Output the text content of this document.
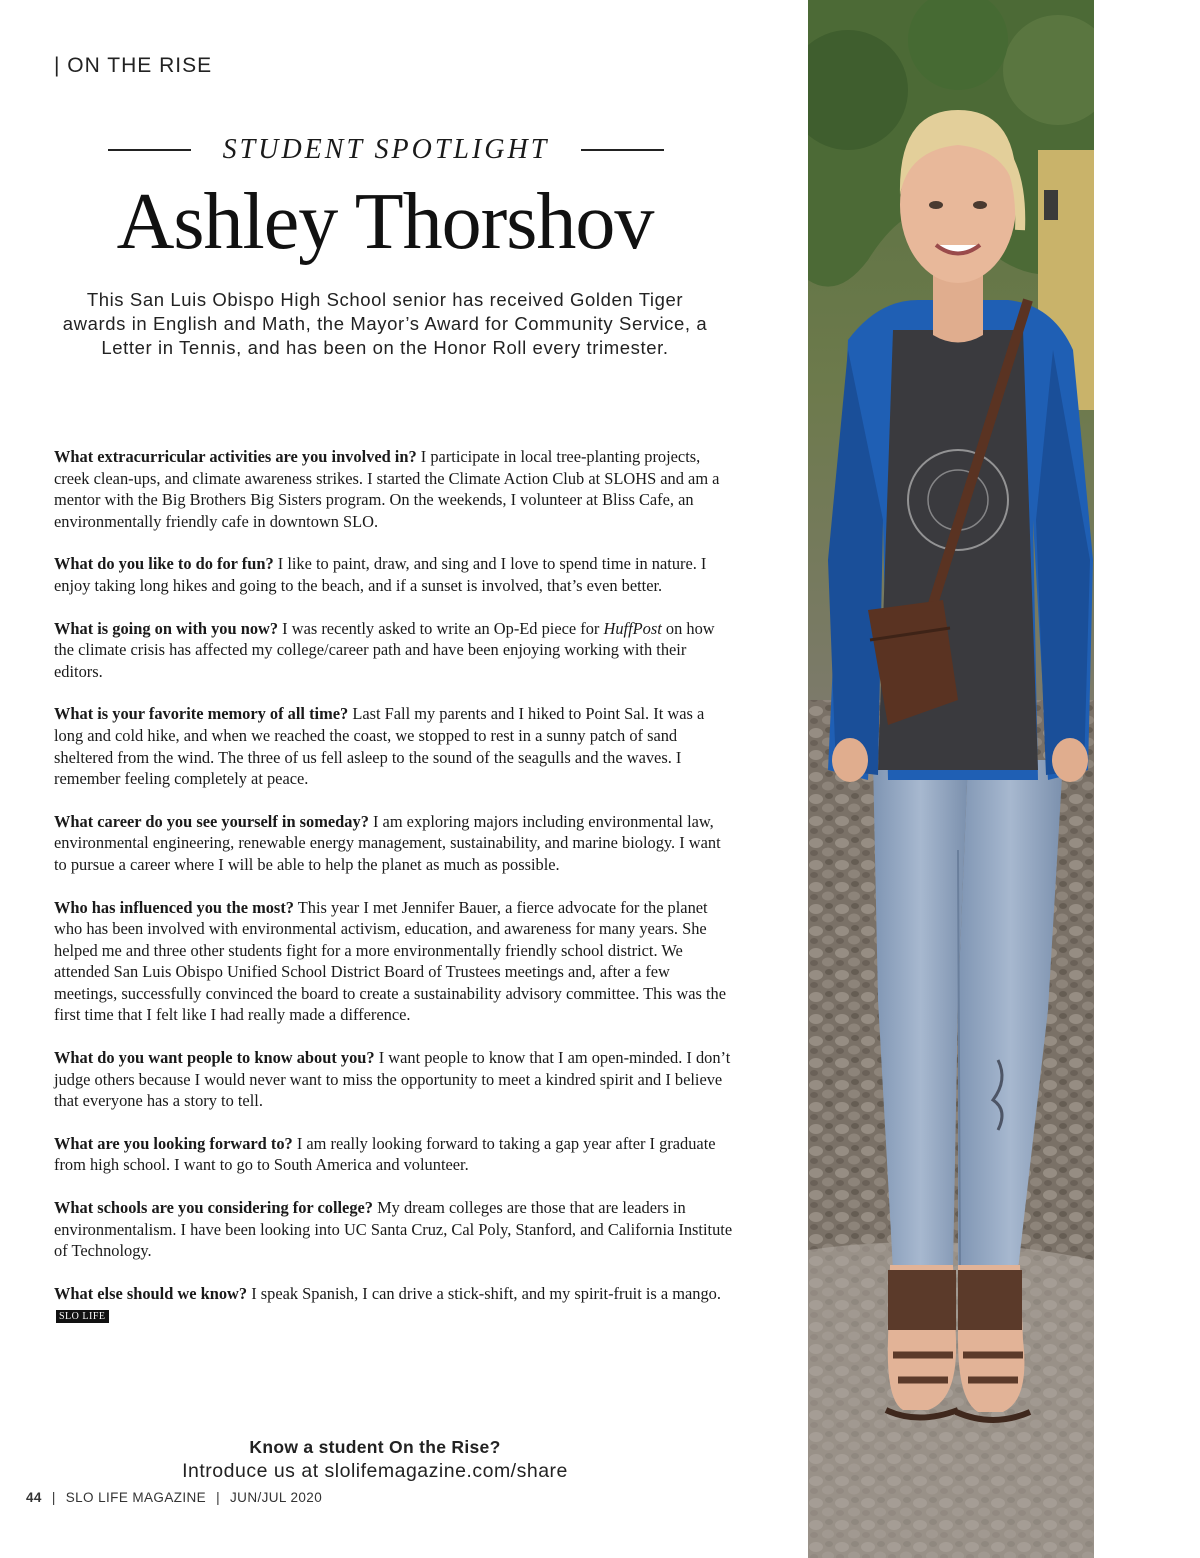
| ON THE RISE
STUDENT SPOTLIGHT
Ashley Thorshov
This San Luis Obispo High School senior has received Golden Tiger awards in English and Math, the Mayor’s Award for Community Service, a Letter in Tennis, and has been on the Honor Roll every trimester.

What extracurricular activities are you involved in? I participate in local tree-planting projects, creek clean-ups, and climate awareness strikes. I started the Climate Action Club at SLOHS and am a mentor with the Big Brothers Big Sisters program. On the weekends, I volunteer at Bliss Cafe, an environmentally friendly cafe in downtown SLO.

What do you like to do for fun? I like to paint, draw, and sing and I love to spend time in nature. I enjoy taking long hikes and going to the beach, and if a sunset is involved, that’s even better.

What is going on with you now? I was recently asked to write an Op-Ed piece for HuffPost on how the climate crisis has affected my college/career path and have been enjoying working with their editors.

What is your favorite memory of all time? Last Fall my parents and I hiked to Point Sal. It was a long and cold hike, and when we reached the coast, we stopped to rest in a sunny patch of sand sheltered from the wind. The three of us fell asleep to the sound of the seagulls and the waves. I remember feeling completely at peace.

What career do you see yourself in someday? I am exploring majors including environmental law, environmental engineering, renewable energy management, sustainability, and marine biology. I want to pursue a career where I will be able to help the planet as much as possible.

Who has influenced you the most? This year I met Jennifer Bauer, a fierce advocate for the planet who has been involved with environmental activism, education, and awareness for many years. She helped me and three other students fight for a more environmentally friendly school district. We attended San Luis Obispo Unified School District Board of Trustees meetings and, after a few meetings, successfully convinced the board to create a sustainability advisory committee. This was the first time that I felt like I had really made a difference.

What do you want people to know about you? I want people to know that I am open-minded. I don’t judge others because I would never want to miss the opportunity to meet a kindred spirit and I believe that everyone has a story to tell.

What are you looking forward to? I am really looking forward to taking a gap year after I graduate from high school. I want to go to South America and volunteer.

What schools are you considering for college? My dream colleges are those that are leaders in environmentalism. I have been looking into UC Santa Cruz, Cal Poly, Stanford, and California Institute of Technology.

What else should we know? I speak Spanish, I can drive a stick-shift, and my spirit-fruit is a mango.SLO LIFE

Know a student On the Rise?
Introduce us at slolifemagazine.com/share
44 | SLO LIFE MAGAZINE | JUN/JUL 2020
